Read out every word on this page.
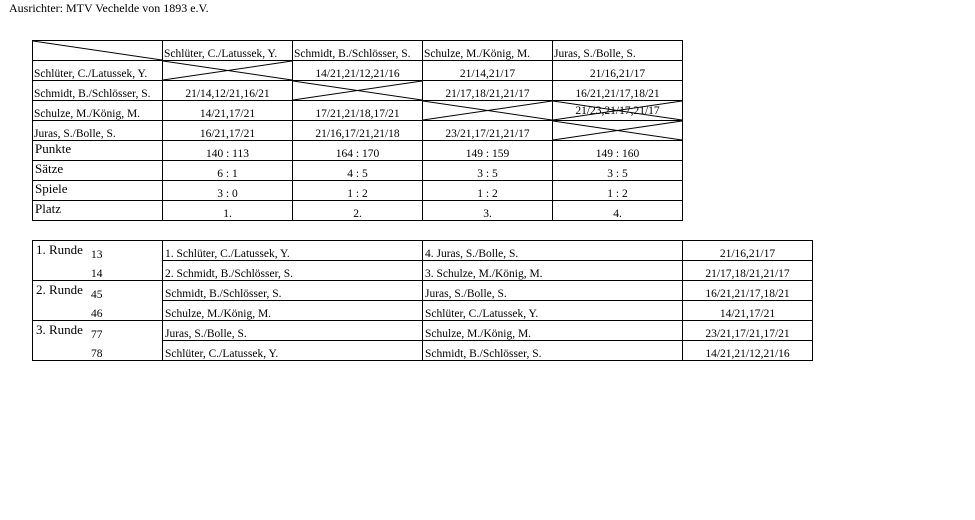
Ausrichter: MTV Vechelde von 1893 e.V.
	Schlüter, C./Latussek, Y.	Schmidt, B./Schlösser, S.	Schulze, M./König, M.	Juras, S./Bolle, S.
Schlüter, C./Latussek, Y.		14/21,21/12,21/16	21/14,21/17	21/16,21/17
Schmidt, B./Schlösser, S.	21/14,12/21,16/21		21/17,18/21,21/17	16/21,21/17,18/21
Schulze, M./König, M.	14/21,17/21	17/21,21/18,17/21		21/23,21/17,21/17

Juras, S./Bolle, S.	16/21,17/21	21/16,17/21,21/18	23/21,17/21,21/17	

Punkte	140 : 113	164 : 170	149 : 159	149 : 160
Sätze	6 : 1	4 : 5	3 : 5	3 : 5
Spiele	3 : 0	1 : 2	1 : 2	1 : 2
Platz	1.	2.	3.	4.
1. Runde 13	1. Schlüter, C./Latussek, Y.	4. Juras, S./Bolle, S.	21/16,21/17

14	2. Schmidt, B./Schlösser, S.	3. Schulze, M./König, M.	21/17,18/21,21/17

2. Runde 45	Schmidt, B./Schlösser, S.	Juras, S./Bolle, S.	16/21,21/17,18/21

46	Schulze, M./König, M.	Schlüter, C./Latussek, Y.	14/21,17/21

3. Runde 77	Juras, S./Bolle, S.	Schulze, M./König, M.	23/21,17/21,17/21

78	Schlüter, C./Latussek, Y.	Schmidt, B./Schlösser, S.	14/21,21/12,21/16
